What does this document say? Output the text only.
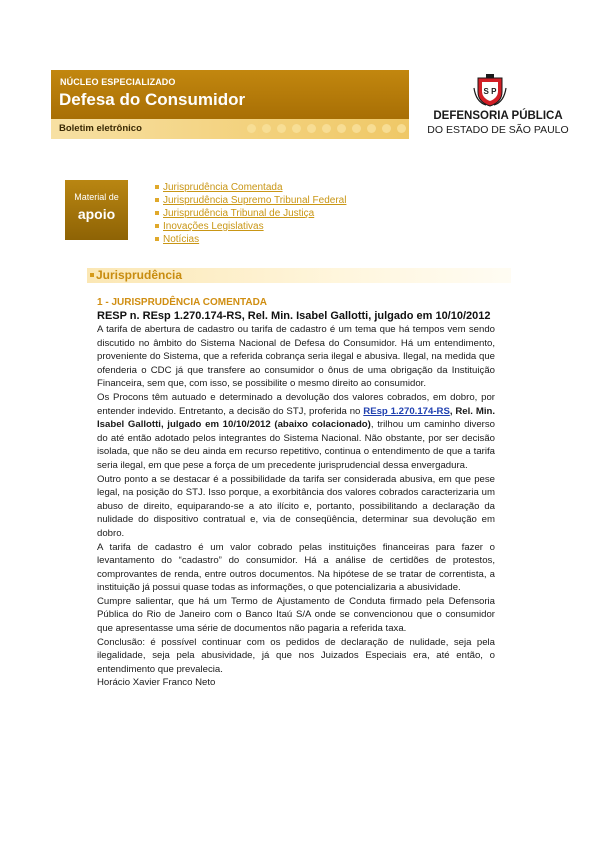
NÚCLEO ESPECIALIZADO
Defesa do Consumidor
Boletim eletrônico
S P
DEFENSORIA PÚBLICA
DO ESTADO DE SÃO PAULO
Material de
apoio
Jurisprudência Comentada
Jurisprudência Supremo Tribunal Federal
Jurisprudência Tribunal de Justiça
Inovações Legislativas
Notícias
Jurisprudência
1 - JURISPRUDÊNCIA COMENTADA
RESP n. REsp 1.270.174-RS, Rel. Min. Isabel Gallotti, julgado em 10/10/2012

A tarifa de abertura de cadastro ou tarifa de cadastro é um tema que há tempos vem sendo discutido no âmbito do Sistema Nacional de Defesa do Consumidor. Há um entendimento, proveniente do Sistema, que a referida cobrança seria ilegal e abusiva. Ilegal, na medida que ofenderia o CDC já que transfere ao consumidor o ônus de uma obrigação da Instituição Financeira, sem que, com isso, se possibilite o mesmo direito ao consumidor.

Os Procons têm autuado e determinado a devolução dos valores cobrados, em dobro, por entender indevido. Entretanto, a decisão do STJ, proferida no REsp 1.270.174-RS, Rel. Min. Isabel Gallotti, julgado em 10/10/2012 (abaixo colacionado), trilhou um caminho diverso do até então adotado pelos integrantes do Sistema Nacional. Não obstante, por ser decisão isolada, que não se deu ainda em recurso repetitivo, continua o entendimento de que a tarifa seria ilegal, em que pese a força de um precedente jurisprudencial dessa envergadura.

Outro ponto a se destacar é a possibilidade da tarifa ser considerada abusiva, em que pese legal, na posição do STJ. Isso porque, a exorbitância dos valores cobrados caracterizaria um abuso de direito, equiparando-se a ato ilícito e, portanto, possibilitando a declaração da nulidade do dispositivo contratual e, via de conseqüência, determinar sua devolução em dobro.

A tarifa de cadastro é um valor cobrado pelas instituições financeiras para fazer o levantamento do “cadastro” do consumidor. Há a análise de certidões de protestos, comprovantes de renda, entre outros documentos. Na hipótese de se tratar de correntista, a instituição já possui quase todas as informações, o que potencializaria a abusividade.

Cumpre salientar, que há um Termo de Ajustamento de Conduta firmado pela Defensoria Pública do Rio de Janeiro com o Banco Itaú S/A onde se convencionou que o consumidor que apresentasse uma série de documentos não pagaria a referida taxa.

Conclusão: é possível continuar com os pedidos de declaração de nulidade, seja pela ilegalidade, seja pela abusividade, já que nos Juizados Especiais era, até então, o entendimento que prevalecia.

Horácio Xavier Franco Neto
